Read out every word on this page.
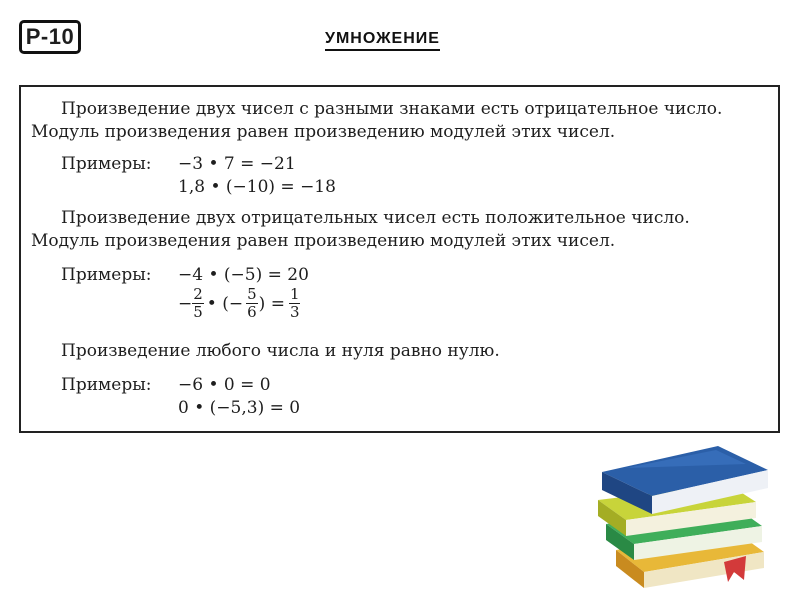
Р-10	УМНОЖЕНИЕ
Произведение двух чисел с разными знаками есть отрицательное число.
Модуль произведения равен произведению модулей этих чисел.
Примеры: −3 • 7 = −21
1,8 • (−10) = −18
Произведение двух отрицательных чисел есть положительное число.
Модуль произведения равен произведению модулей этих чисел.
Примеры: −4 • (−5) = 20
− $\frac{2}{5}$ • (− $\frac{5}{6}$ ) = $\frac{1}{3}$
Произведение любого числа и нуля равно нулю.
Примеры: −6 • 0 = 0
0 • (−5,3) = 0
